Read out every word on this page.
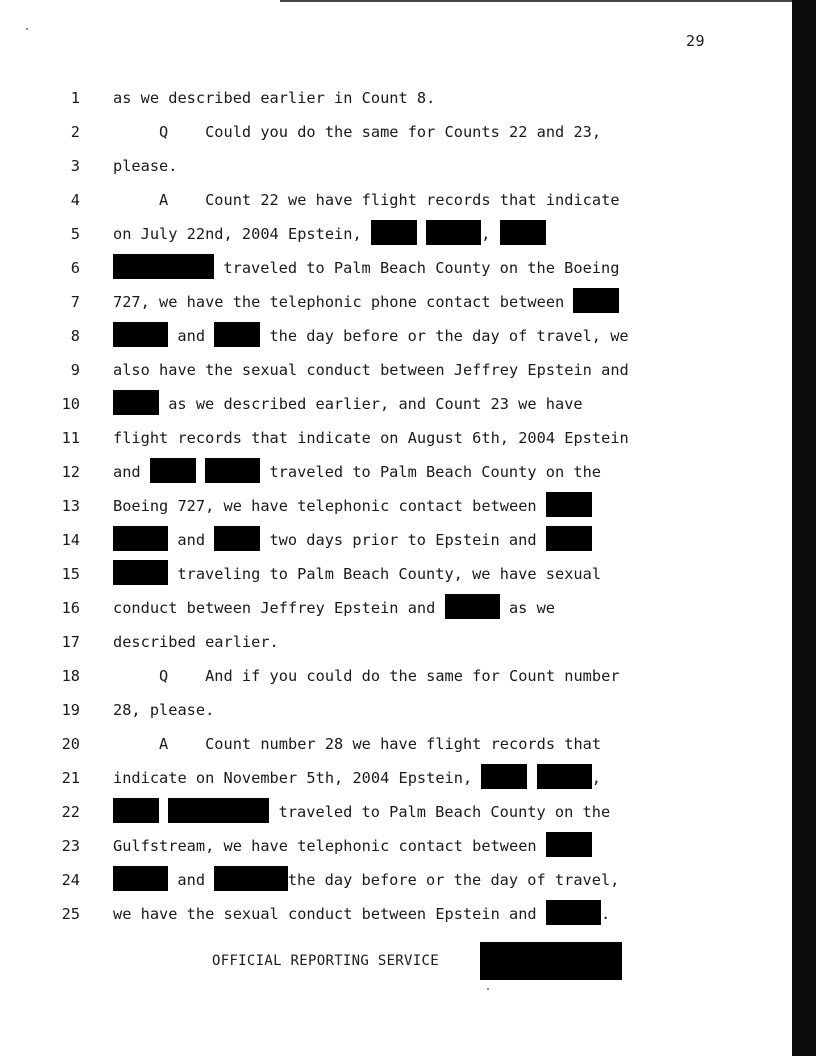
29
1 as we described earlier in Count 8.
2 Q    Could you do the same for Counts 22 and 23,
3 please.
4 A    Count 22 we have flight records that indicate
5 on July 22nd, 2004 Epstein,	,
6	traveled to Palm Beach County on the Boeing
7 727, we have the telephonic phone contact between
8	and	the day before or the day of travel, we
9 also have the sexual conduct between Jeffrey Epstein and
10	as we described earlier, and Count 23 we have
11 flight records that indicate on August 6th, 2004 Epstein
12 and	traveled to Palm Beach County on the
13 Boeing 727, we have telephonic contact between
14	and	two days prior to Epstein and
15	traveling to Palm Beach County, we have sexual
16 conduct between Jeffrey Epstein and	as we
17 described earlier.
18 Q    And if you could do the same for Count number
19 28, please.
20 A    Count number 28 we have flight records that
21 indicate on November 5th, 2004 Epstein,	,
22	traveled to Palm Beach County on the
23 Gulfstream, we have telephonic contact between
24	and	the day before or the day of travel,
25 we have the sexual conduct between Epstein and	.
OFFICIAL REPORTING SERVICE
